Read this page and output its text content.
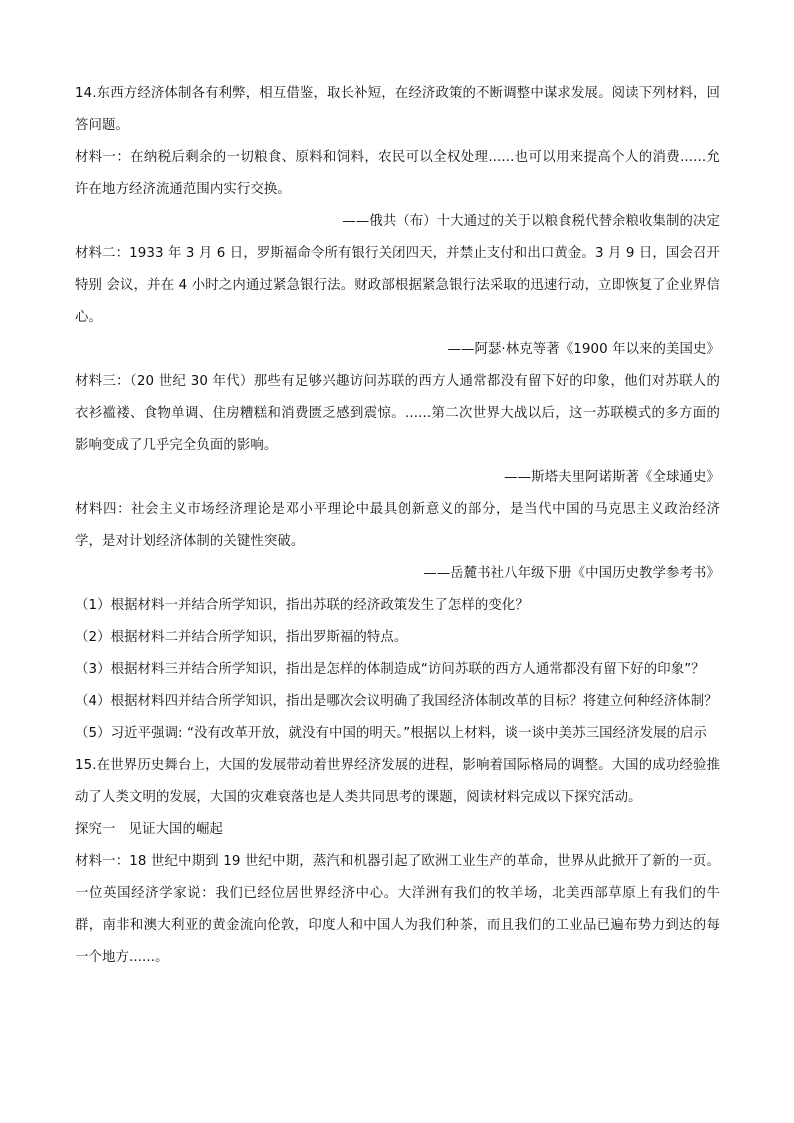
14.东西方经济体制各有利弊，相互借鉴，取长补短，在经济政策的不断调整中谋求发展。阅读下列材料，回答问题。

材料一：在纳税后剩余的一切粮食、原料和饲料，农民可以全权处理......也可以用来提高个人的消费......允许在地方经济流通范围内实行交换。

——俄共（布）十大通过的关于以粮食税代替余粮收集制的决定

材料二：1933 年 3 月 6 日，罗斯福命令所有银行关闭四天，并禁止支付和出口黄金。3 月 9 日，国会召开特别 会议，并在 4 小时之内通过紧急银行法。财政部根据紧急银行法采取的迅速行动，立即恢复了企业界信心。

——阿瑟·林克等著《1900 年以来的美国史》

材料三：（20 世纪 30 年代）那些有足够兴趣访问苏联的西方人通常都没有留下好的印象，他们对苏联人的衣衫褴褛、食物单调、住房糟糕和消费匮乏感到震惊。......第二次世界大战以后，这一苏联模式的多方面的影响变成了几乎完全负面的影响。

——斯塔夫里阿诺斯著《全球通史》

材料四：社会主义市场经济理论是邓小平理论中最具创新意义的部分，是当代中国的马克思主义政治经济学，是对计划经济体制的关键性突破。

——岳麓书社八年级下册《中国历史教学参考书》

（1）根据材料一并结合所学知识，指出苏联的经济政策发生了怎样的变化？

（2）根据材料二并结合所学知识，指出罗斯福的特点。

（3）根据材料三并结合所学知识，指出是怎样的体制造成“访问苏联的西方人通常都没有留下好的印象”？

（4）根据材料四并结合所学知识，指出是哪次会议明确了我国经济体制改革的目标？将建立何种经济体制？

（5）习近平强调: “没有改革开放，就没有中国的明天。”根据以上材料，谈一谈中美苏三国经济发展的启示

15.在世界历史舞台上，大国的发展带动着世界经济发展的进程，影响着国际格局的调整。大国的成功经验推动了人类文明的发展，大国的灾难衰落也是人类共同思考的课题，阅读材料完成以下探究活动。

探究一   见证大国的崛起

材料一：18 世纪中期到 19 世纪中期，蒸汽和机器引起了欧洲工业生产的革命，世界从此掀开了新的一页。一位英国经济学家说：我们已经位居世界经济中心。大洋洲有我们的牧羊场，北美西部草原上有我们的牛群，南非和澳大利亚的黄金流向伦敦，印度人和中国人为我们种茶，而且我们的工业品已遍布势力到达的每一个地方......。
